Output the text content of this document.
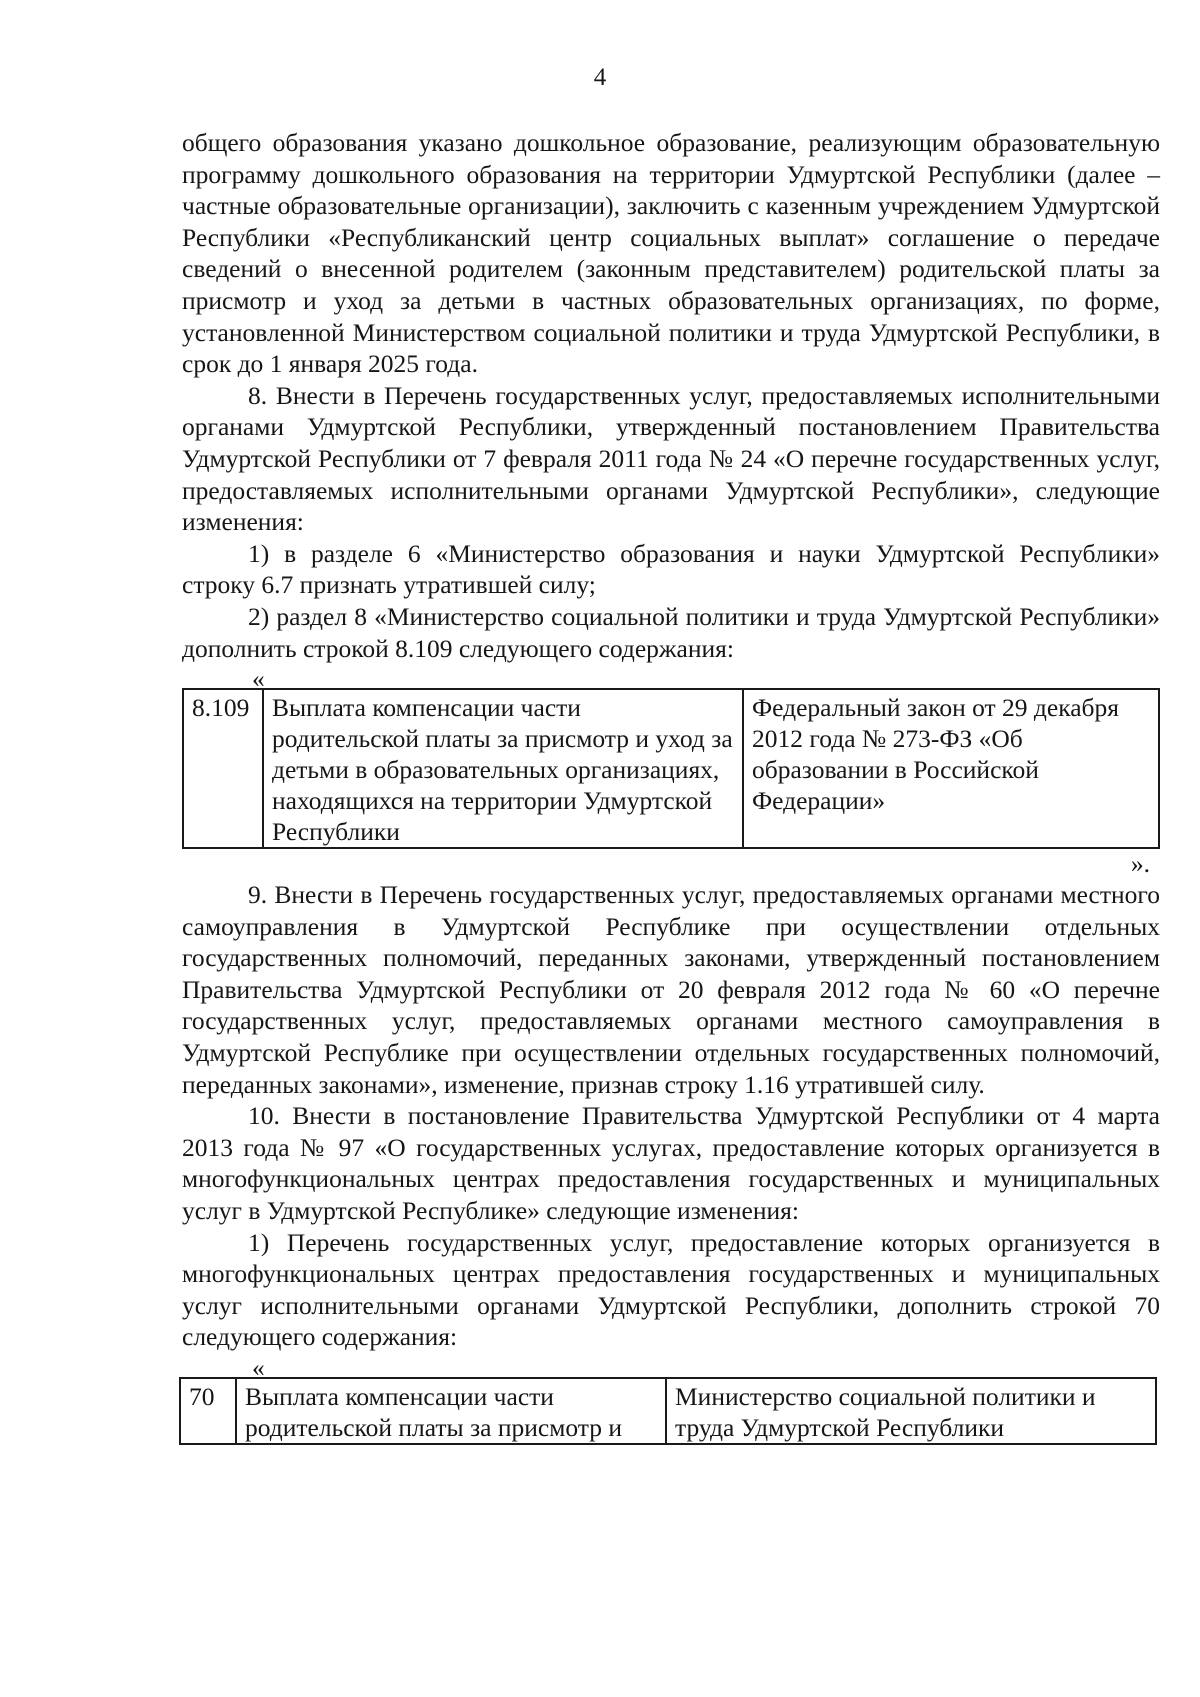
4

общего образования указано дошкольное образование, реализующим образовательную программу дошкольного образования на территории Удмуртской Республики (далее – частные образовательные организации), заключить с казенным учреждением Удмуртской Республики «Республиканский центр социальных выплат» соглашение о передаче сведений о внесенной родителем (законным представителем) родительской платы за присмотр и уход за детьми в частных образовательных организациях, по форме, установленной Министерством социальной политики и труда Удмуртской Республики, в срок до 1 января 2025 года.

8. Внести в Перечень государственных услуг, предоставляемых исполнительными органами Удмуртской Республики, утвержденный постановлением Правительства Удмуртской Республики от 7 февраля 2011 года № 24 «О перечне государственных услуг, предоставляемых исполнительными органами Удмуртской Республики», следующие изменения:

1) в разделе 6 «Министерство образования и науки Удмуртской Республики» строку 6.7 признать утратившей силу;

2) раздел 8 «Министерство социальной политики и труда Удмуртской Республики» дополнить строкой 8.109 следующего содержания:

«
8.109	Выплата компенсации части родительской платы за присмотр и уход за детьми в образовательных организациях, находящихся на территории Удмуртской Республики	Федеральный закон от 29 декабря 2012 года № 273-ФЗ «Об образовании в Российской Федерации»
».

9. Внести в Перечень государственных услуг, предоставляемых органами местного самоуправления в Удмуртской Республике при осуществлении отдельных государственных полномочий, переданных законами, утвержденный постановлением Правительства Удмуртской Республики от 20 февраля 2012 года № 60 «О перечне государственных услуг, предоставляемых органами местного самоуправления в Удмуртской Республике при осуществлении отдельных государственных полномочий, переданных законами», изменение, признав строку 1.16 утратившей силу.

10. Внести в постановление Правительства Удмуртской Республики от 4 марта 2013 года № 97 «О государственных услугах, предоставление которых организуется в многофункциональных центрах предоставления государственных и муниципальных услуг в Удмуртской Республике» следующие изменения:

1) Перечень государственных услуг, предоставление которых организуется в многофункциональных центрах предоставления государственных и муниципальных услуг исполнительными органами Удмуртской Республики, дополнить строкой 70 следующего содержания:

«
70	Выплата компенсации части родительской платы за присмотр и	Министерство социальной политики и труда Удмуртской Республики
